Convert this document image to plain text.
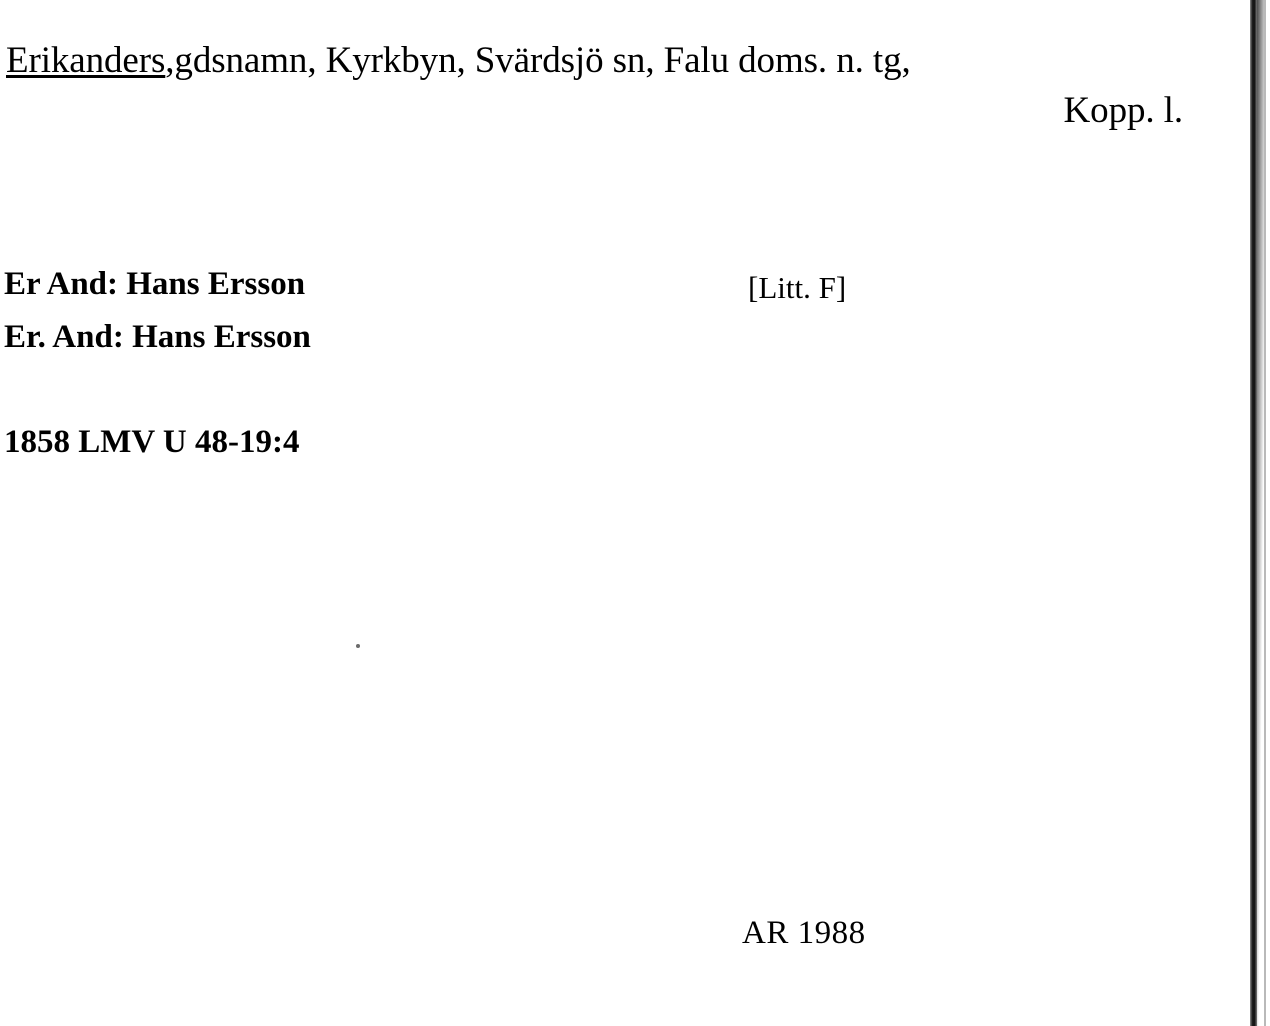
Erikanders,gdsnamn, Kyrkbyn, Svärdsjö sn, Falu doms. n. tg,
Kopp. l.
Er And: Hans Ersson
Er. And: Hans Ersson
[Litt. F]
1858 LMV U 48-19:4
AR 1988
